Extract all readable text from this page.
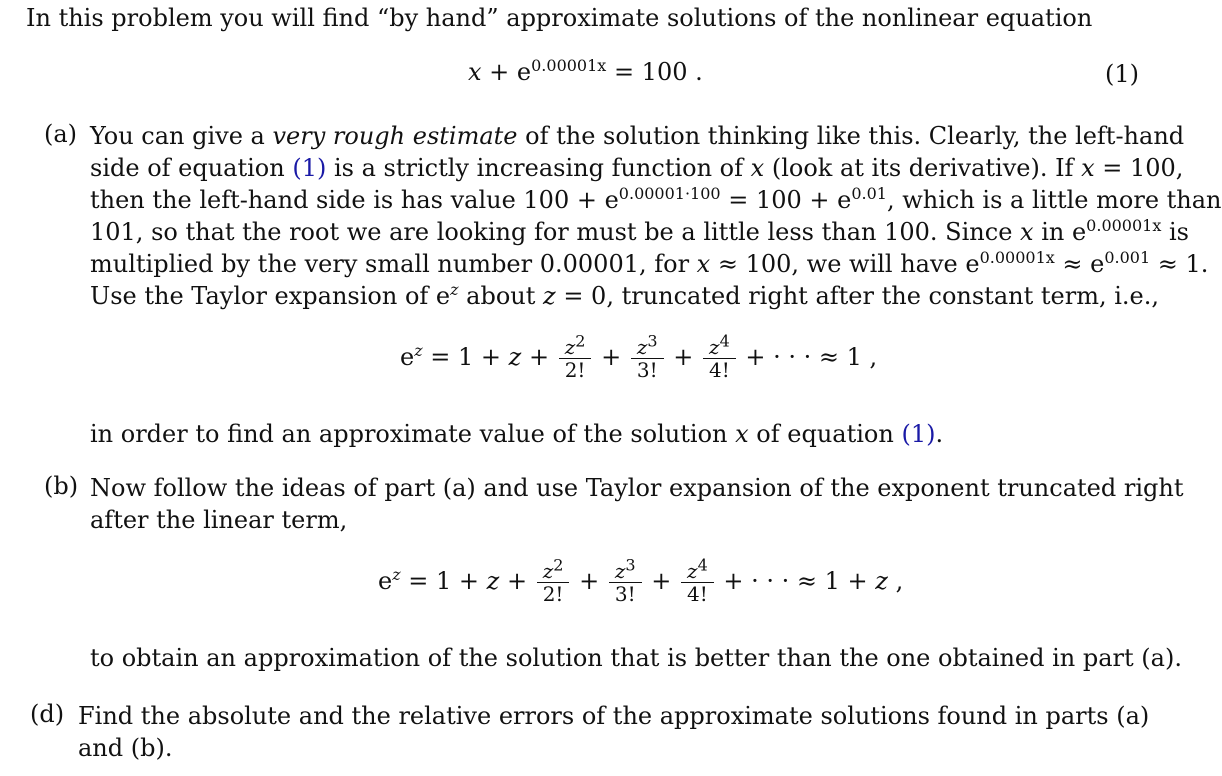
In this problem you will find “by hand” approximate solutions of the nonlinear equation
$x + e^{0.00001x} = 100$ .	(1)
(a) You can give a very rough estimate of the solution thinking like this. Clearly, the left-hand
side of equation (1) is a strictly increasing function of x (look at its derivative). If x = 100,
then the left-hand side is has value $100 + e^{0.00001\cdot 100} = 100 + e^{0.01}$, which is a little more than
101, so that the root we are looking for must be a little less than 100. Since x in $e^{0.00001x}$ is
multiplied by the very small number 0.00001, for x ≈ 100, we will have $e^{0.00001x} \approx e^{0.001} \approx 1$.
Use the Taylor expansion of $e^z$ about z = 0, truncated right after the constant term, i.e.,
$e^z = 1 + z + \frac{z^2}{2!} + \frac{z^3}{3!} + \frac{z^4}{4!}$ + · · · ≈ 1 ,
in order to find an approximate value of the solution x of equation (1).
(b) Now follow the ideas of part (a) and use Taylor expansion of the exponent truncated right
after the linear term,
$e^z = 1 + z + \frac{z^2}{2!} + \frac{z^3}{3!} + \frac{z^4}{4!}$ + · · · ≈ 1 + z ,
to obtain an approximation of the solution that is better than the one obtained in part (a).
(d) Find the absolute and the relative errors of the approximate solutions found in parts (a)
and (b).
